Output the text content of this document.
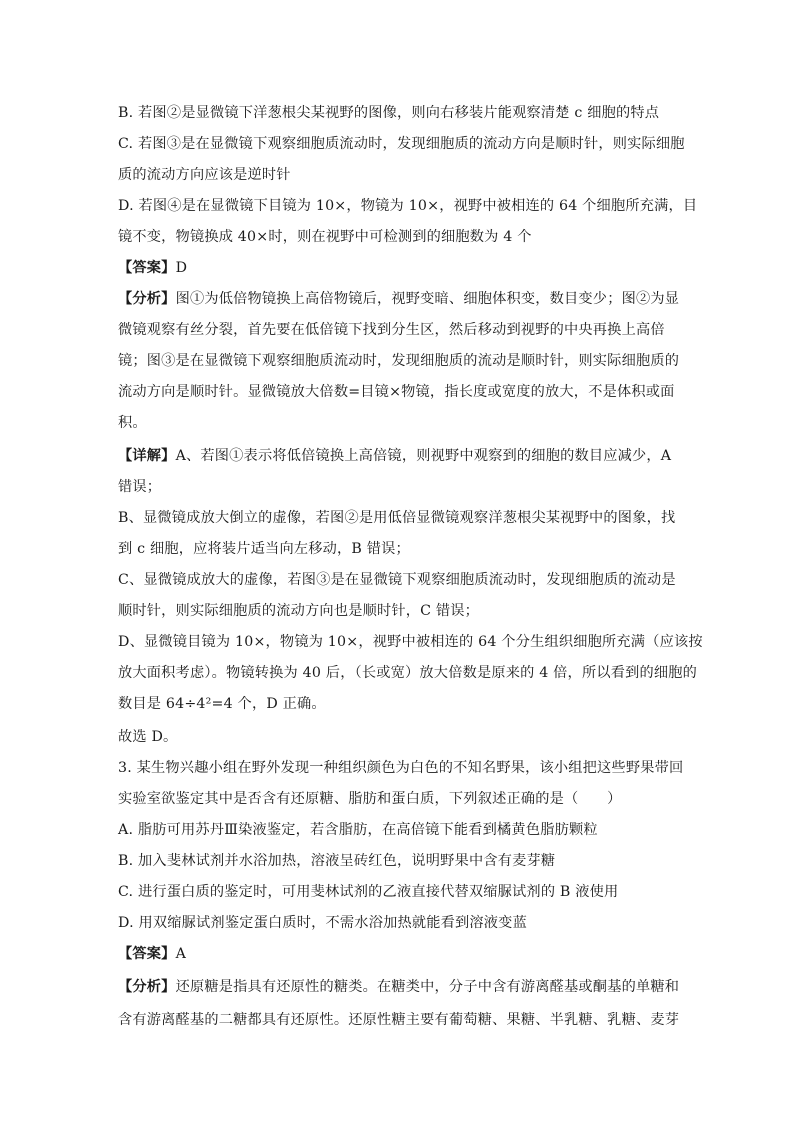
B. 若图②是显微镜下洋葱根尖某视野的图像，则向右移装片能观察清楚 c 细胞的特点
C. 若图③是在显微镜下观察细胞质流动时，发现细胞质的流动方向是顺时针，则实际细胞
质的流动方向应该是逆时针
D. 若图④是在显微镜下目镜为 10×，物镜为 10×，视野中被相连的 64 个细胞所充满，目
镜不变，物镜换成 40×时，则在视野中可检测到的细胞数为 4 个
【答案】D
【分析】图①为低倍物镜换上高倍物镜后，视野变暗、细胞体积变，数目变少；图②为显
微镜观察有丝分裂，首先要在低倍镜下找到分生区，然后移动到视野的中央再换上高倍
镜；图③是在显微镜下观察细胞质流动时，发现细胞质的流动是顺时针，则实际细胞质的
流动方向是顺时针。显微镜放大倍数=目镜×物镜，指长度或宽度的放大，不是体积或面
积。
【详解】A、若图①表示将低倍镜换上高倍镜，则视野中观察到的细胞的数目应减少，A
错误；
B、显微镜成放大倒立的虚像，若图②是用低倍显微镜观察洋葱根尖某视野中的图象，找
到 c 细胞，应将装片适当向左移动，B 错误；
C、显微镜成放大的虚像，若图③是在显微镜下观察细胞质流动时，发现细胞质的流动是
顺时针，则实际细胞质的流动方向也是顺时针，C 错误；
D、显微镜目镜为 10×，物镜为 10×，视野中被相连的 64 个分生组织细胞所充满（应该按
放大面积考虑）。物镜转换为 40 后，（长或宽）放大倍数是原来的 4 倍，所以看到的细胞的
数目是 64÷4²=4 个，D 正确。
故选 D。
3. 某生物兴趣小组在野外发现一种组织颜色为白色的不知名野果，该小组把这些野果带回
实验室欲鉴定其中是否含有还原糖、脂肪和蛋白质，下列叙述正确的是（　　）
A. 脂肪可用苏丹Ⅲ染液鉴定，若含脂肪，在高倍镜下能看到橘黄色脂肪颗粒
B. 加入斐林试剂并水浴加热，溶液呈砖红色，说明野果中含有麦芽糖
C. 进行蛋白质的鉴定时，可用斐林试剂的乙液直接代替双缩脲试剂的 B 液使用
D. 用双缩脲试剂鉴定蛋白质时，不需水浴加热就能看到溶液变蓝
【答案】A
【分析】还原糖是指具有还原性的糖类。在糖类中，分子中含有游离醛基或酮基的单糖和
含有游离醛基的二糖都具有还原性。还原性糖主要有葡萄糖、果糖、半乳糖、乳糖、麦芽
